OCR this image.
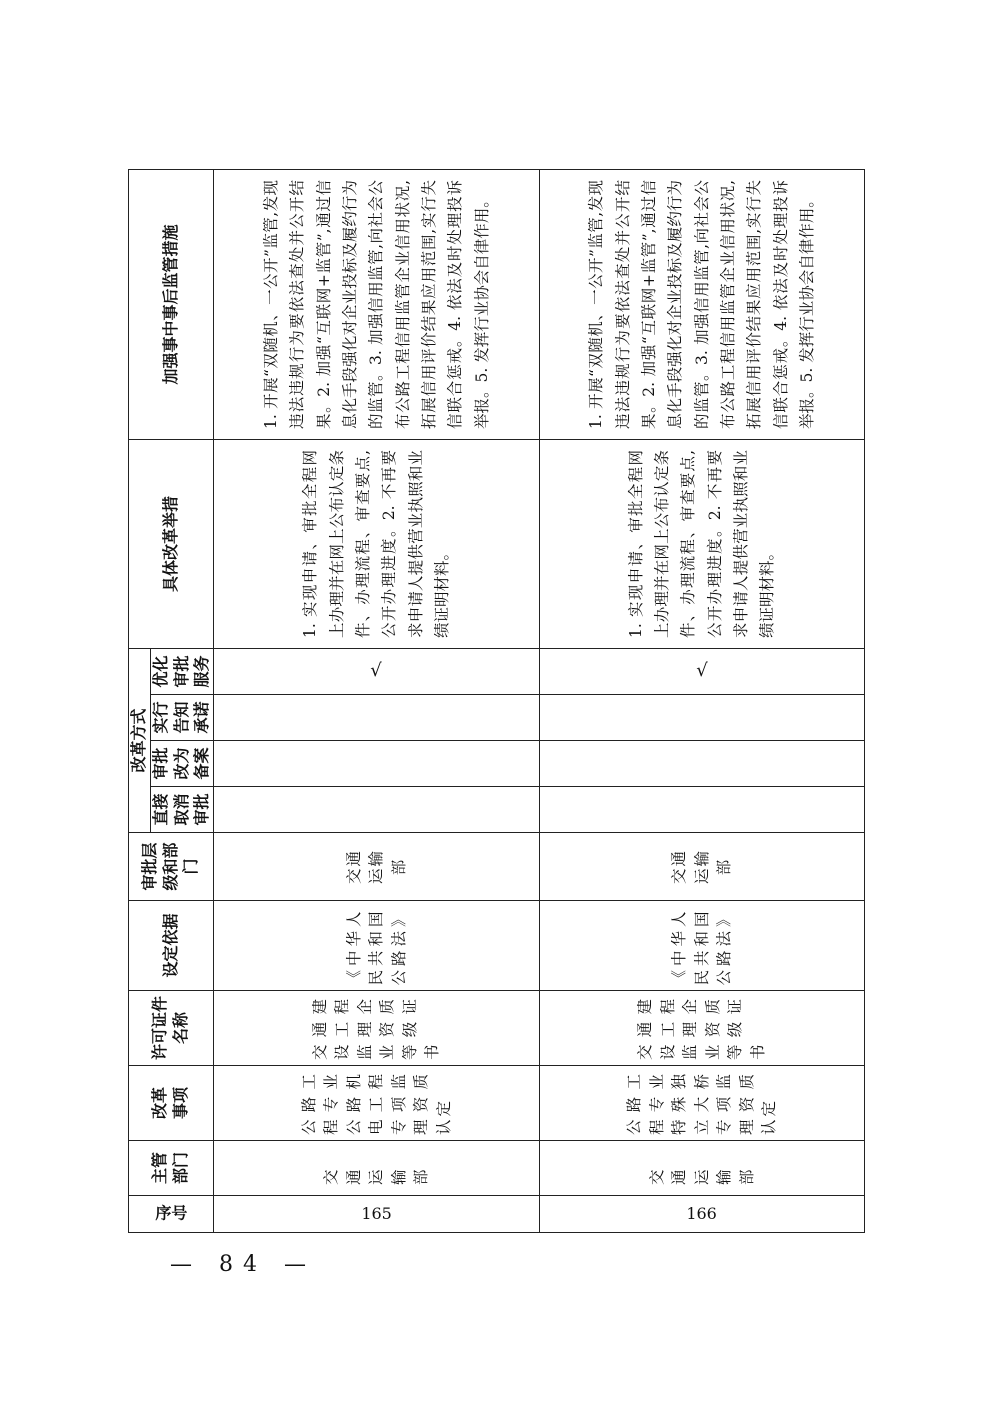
序号	主管部门	改革事项	许可证件名称	设定依据	审批层级和部门	改革方式				具体改革举措	加强事中事后监管措施

						直接取消审批	审批改为备案	实行告知承诺	优化审批服务		

165	交通运输部	公路工程专业公路机电工程专项监理资质认定	交通建设工程监理企业资质等级证书	《中华人民共和国公路法》	交通运输部				√	1. 实现申请、审批全程网上办理并在网上公布认定条件、办理流程、审查要点,公开办理进度。2. 不再要求申请人提供营业执照和业绩证明材料。	1. 开展“双随机、一公开”监管,发现违法违规行为要依法查处并公开结果。2. 加强“互联网+监管”,通过信息化手段强化对企业投标及履约行为的监管。3. 加强信用监管,向社会公布公路工程信用监管企业信用状况,拓展信用评价结果应用范围,实行失信联合惩戒。4. 依法及时处理投诉举报。5. 发挥行业协会自律作用。

166	交通运输部	公路工程专业特殊独立大桥专项监理资质认定	交通建设工程监理企业资质等级证书	《中华人民共和国公路法》	交通运输部				√	1. 实现申请、审批全程网上办理并在网上公布认定条件、办理流程、审查要点,公开办理进度。2. 不再要求申请人提供营业执照和业绩证明材料。	1. 开展“双随机、一公开”监管,发现违法违规行为要依法查处并公开结果。2. 加强“互联网+监管”,通过信息化手段强化对企业投标及履约行为的监管。3. 加强信用监管,向社会公布公路工程信用监管企业信用状况,拓展信用评价结果应用范围,实行失信联合惩戒。4. 依法及时处理投诉举报。5. 发挥行业协会自律作用。
— 84 —
